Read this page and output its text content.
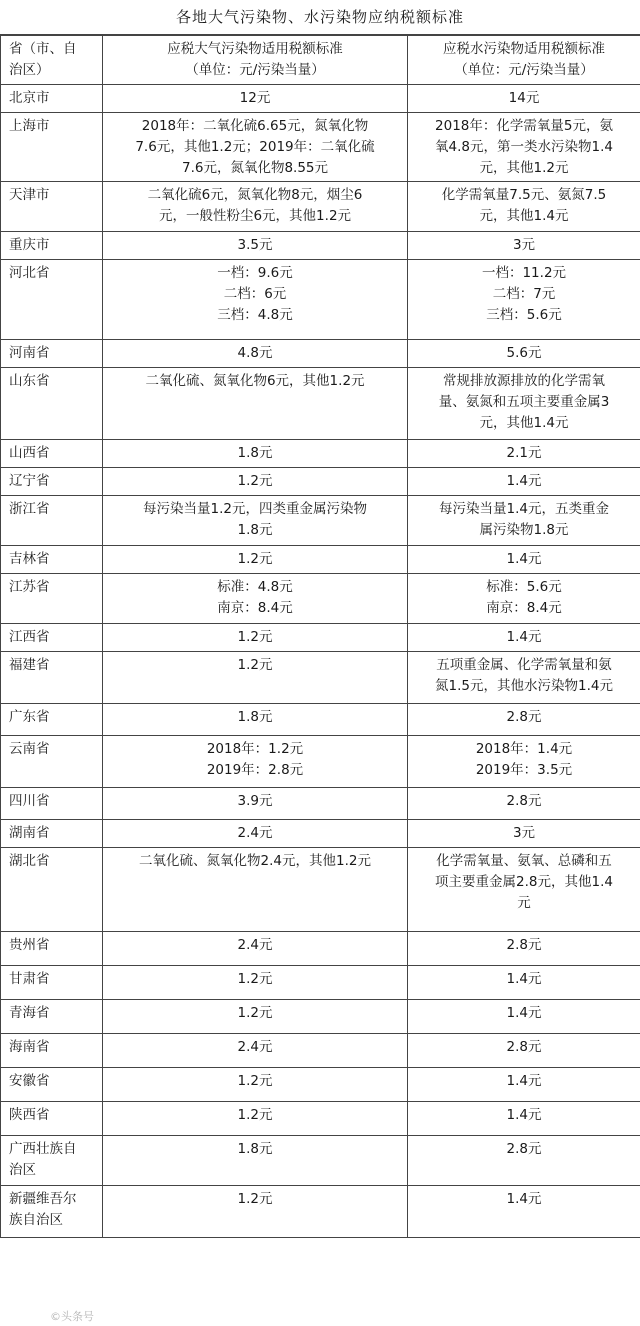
各地大气污染物、水污染物应纳税额标准
省（市、自
治区）	应税大气污染物适用税额标准
（单位：元/污染当量）	应税水污染物适用税额标准
（单位：元/污染当量）

北京市	12元	14元

上海市	2018年：二氧化硫6.65元，氮氧化物
7.6元，其他1.2元；2019年：二氧化硫
7.6元，氮氧化物8.55元	2018年：化学需氧量5元，氨
氧4.8元，第一类水污染物1.4
元，其他1.2元

天津市	二氧化硫6元，氮氧化物8元，烟尘6
元，一般性粉尘6元，其他1.2元	化学需氧量7.5元、氨氮7.5
元，其他1.4元

重庆市	3.5元	3元

河北省	一档：9.6元
二档：6元
三档：4.8元	一档：11.2元
二档：7元
三档：5.6元

河南省	4.8元	5.6元

山东省	二氧化硫、氮氧化物6元，其他1.2元	常规排放源排放的化学需氧
量、氨氮和五项主要重金属3
元，其他1.4元

山西省	1.8元	2.1元

辽宁省	1.2元	1.4元

浙江省	每污染当量1.2元，四类重金属污染物
1.8元	每污染当量1.4元，五类重金
属污染物1.8元

吉林省	1.2元	1.4元

江苏省	标准：4.8元
南京：8.4元	标准：5.6元
南京：8.4元

江西省	1.2元	1.4元

福建省	1.2元	五项重金属、化学需氧量和氨
氮1.5元，其他水污染物1.4元

广东省	1.8元	2.8元

云南省	2018年：1.2元
2019年：2.8元	2018年：1.4元
2019年：3.5元

四川省	3.9元	2.8元

湖南省	2.4元	3元

湖北省	二氧化硫、氮氧化物2.4元，其他1.2元	化学需氧量、氨氧、总磷和五
项主要重金属2.8元，其他1.4
元

贵州省	2.4元	2.8元

甘肃省	1.2元	1.4元

青海省	1.2元	1.4元

海南省	2.4元	2.8元

安徽省	1.2元	1.4元

陕西省	1.2元	1.4元

广西壮族自
治区	1.8元	2.8元

新疆维吾尔
族自治区	1.2元	1.4元
©头条号
